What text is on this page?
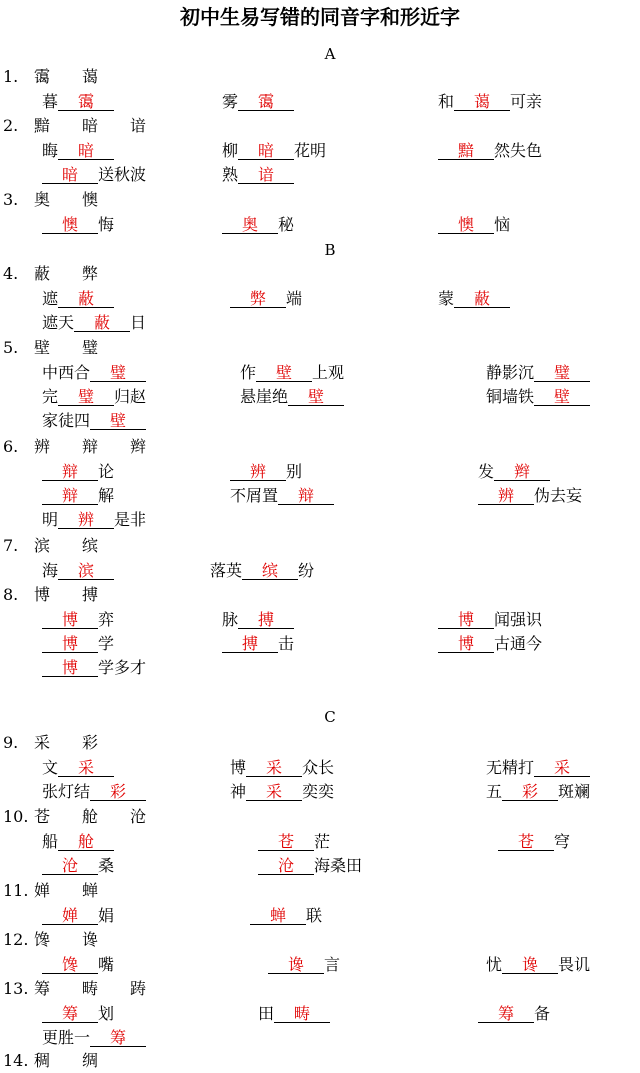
初中生易写错的同音字和形近字
A
B
C
1. 霭　　蔼
暮 霭	雾 霭	和 蔼 可亲
2. 黯　　暗　　谙
晦 暗	柳 暗 花明	黯 然失色
暗 送秋波	熟 谙
3. 奥　　懊
懊 悔	奥 秘	懊 恼
4. 蔽　　弊
遮 蔽	弊 端	蒙 蔽
遮天 蔽 日
5. 壁　　璧
中西合 璧	作 壁 上观	静影沉 璧
完 璧 归赵	悬崖绝 壁	铜墙铁 壁
家徒四 壁
6. 辨　　辩　　辫
辩 论	辨 别	发 辫
辩 解	不屑置 辩	辨 伪去妄
明 辨 是非
7. 滨　　缤
海 滨	落英 缤 纷
8. 博　　搏
博 弈	脉 搏	博 闻强识
博 学	搏 击	博 古通今
博 学多才
9. 采　　彩
文 采	博 采 众长	无精打 采
张灯结 彩	神 采 奕奕	五 彩 斑斓
10. 苍　　舱　　沧
船 舱	苍 茫	苍 穹
沧 桑	沧 海桑田
11. 婵　　蝉
婵 娟	蝉 联
12. 馋　　谗
馋 嘴	谗 言	忧 谗 畏讥
13. 筹　　畴　　踌
筹 划	田 畴	筹 备
更胜一 筹
14. 稠　　绸
